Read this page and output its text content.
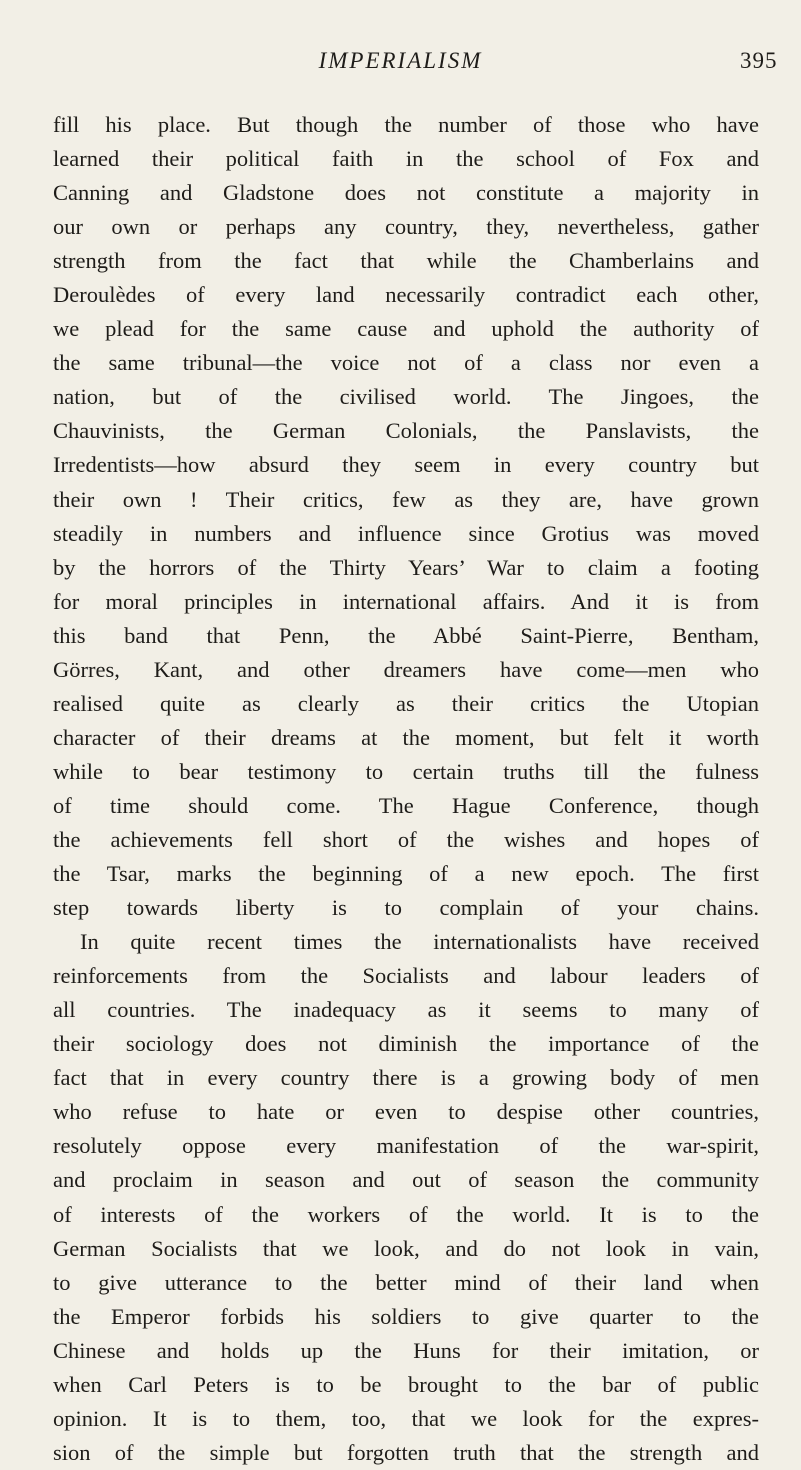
IMPERIALISM	395
fill his place. But though the number of those who have
learned their political faith in the school of Fox and
Canning and Gladstone does not constitute a majority in
our own or perhaps any country, they, nevertheless, gather
strength from the fact that while the Chamberlains and
Deroulèdes of every land necessarily contradict each other,
we plead for the same cause and uphold the authority of
the same tribunal—the voice not of a class nor even a
nation, but of the civilised world. The Jingoes, the
Chauvinists, the German Colonials, the Panslavists, the
Irredentists—how absurd they seem in every country but
their own ! Their critics, few as they are, have grown
steadily in numbers and influence since Grotius was moved
by the horrors of the Thirty Years’ War to claim a footing
for moral principles in international affairs. And it is from
this band that Penn, the Abbé Saint-Pierre, Bentham,
Görres, Kant, and other dreamers have come—men who
realised quite as clearly as their critics the Utopian
character of their dreams at the moment, but felt it worth
while to bear testimony to certain truths till the fulness
of time should come. The Hague Conference, though
the achievements fell short of the wishes and hopes of
the Tsar, marks the beginning of a new epoch. The first
step towards liberty is to complain of your chains.
In quite recent times the internationalists have received
reinforcements from the Socialists and labour leaders of
all countries. The inadequacy as it seems to many of
their sociology does not diminish the importance of the
fact that in every country there is a growing body of men
who refuse to hate or even to despise other countries,
resolutely oppose every manifestation of the war-spirit,
and proclaim in season and out of season the community
of interests of the workers of the world. It is to the
German Socialists that we look, and do not look in vain,
to give utterance to the better mind of their land when
the Emperor forbids his soldiers to give quarter to the
Chinese and holds up the Huns for their imitation, or
when Carl Peters is to be brought to the bar of public
opinion. It is to them, too, that we look for the expres-
sion of the simple but forgotten truth that the strength and
